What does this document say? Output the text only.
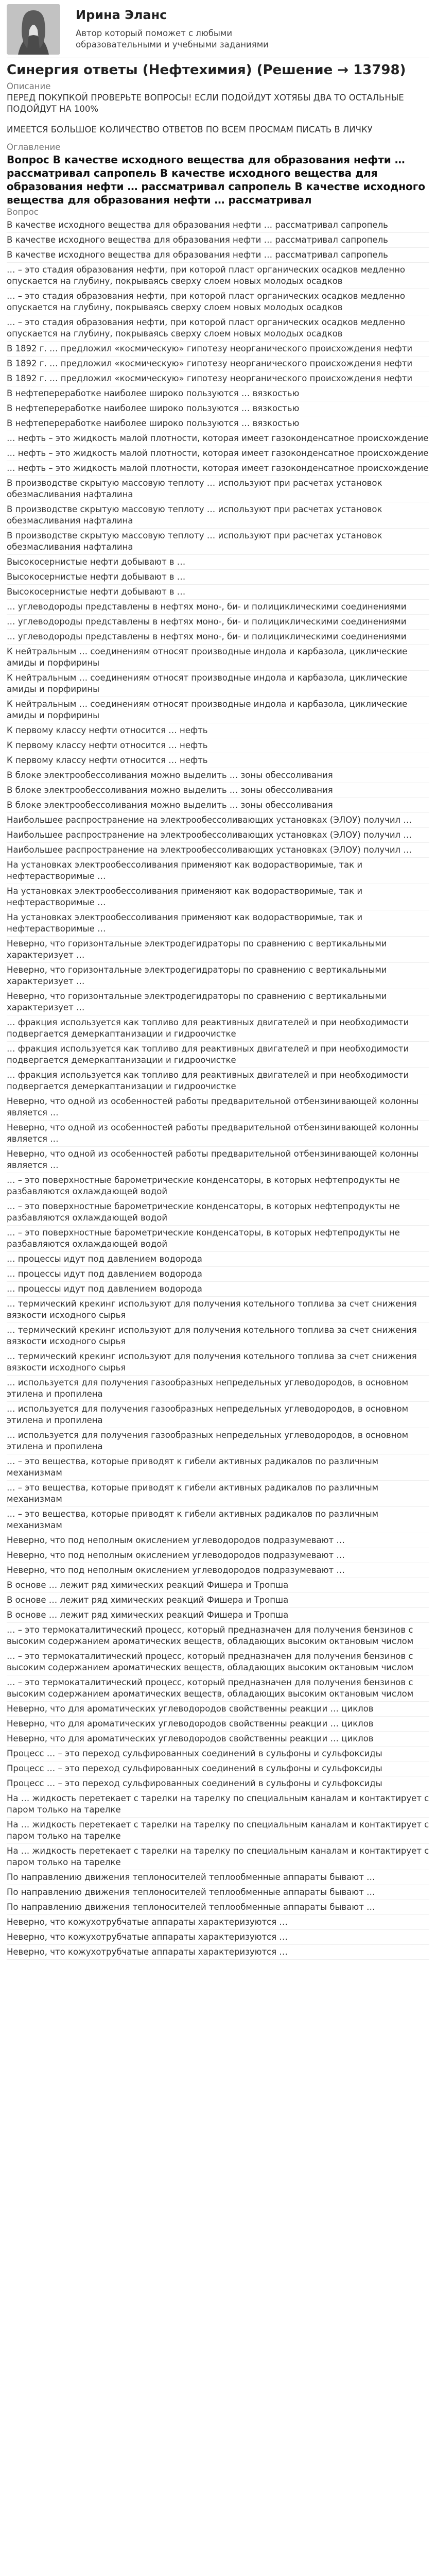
Ирина Эланс
Автор который поможет с любыми образовательными и учебными заданиями
Синергия ответы (Нефтехимия) (Решение → 13798)
Описание

ПЕРЕД ПОКУПКОЙ ПРОВЕРЬТЕ ВОПРОСЫ! ЕСЛИ ПОДОЙДУТ ХОТЯБЫ ДВА ТО ОСТАЛЬНЫЕ ПОДОЙДУТ НА 100%

ИМЕЕТСЯ БОЛЬШОЕ КОЛИЧЕСТВО ОТВЕТОВ ПО ВСЕМ ПРОСМАМ ПИСАТЬ В ЛИЧКУ

Оглавление
Вопрос В качестве исходного вещества для образования нефти … рассматривал сапропель В качестве исходного вещества для образования нефти … рассматривал сапропель В качестве исходного вещества для образования нефти … рассматривал
Вопрос

В качестве исходного вещества для образования нефти … рассматривал сапропель

В качестве исходного вещества для образования нефти … рассматривал сапропель

В качестве исходного вещества для образования нефти … рассматривал сапропель

… – это стадия образования нефти, при которой пласт органических осадков медленно опускается на глубину, покрываясь сверху слоем новых молодых осадков

… – это стадия образования нефти, при которой пласт органических осадков медленно опускается на глубину, покрываясь сверху слоем новых молодых осадков

… – это стадия образования нефти, при которой пласт органических осадков медленно опускается на глубину, покрываясь сверху слоем новых молодых осадков

В 1892 г. … предложил «космическую» гипотезу неорганического происхождения нефти

В 1892 г. … предложил «космическую» гипотезу неорганического происхождения нефти

В 1892 г. … предложил «космическую» гипотезу неорганического происхождения нефти

В нефтепереработке наиболее широко пользуются … вязкостью

В нефтепереработке наиболее широко пользуются … вязкостью

В нефтепереработке наиболее широко пользуются … вязкостью

… нефть – это жидкость малой плотности, которая имеет газоконденсатное происхождение

… нефть – это жидкость малой плотности, которая имеет газоконденсатное происхождение

… нефть – это жидкость малой плотности, которая имеет газоконденсатное происхождение

В производстве скрытую массовую теплоту … используют при расчетах установок обезмасливания нафталина

В производстве скрытую массовую теплоту … используют при расчетах установок обезмасливания нафталина

В производстве скрытую массовую теплоту … используют при расчетах установок обезмасливания нафталина

Высокосернистые нефти добывают в …

Высокосернистые нефти добывают в …

Высокосернистые нефти добывают в …

… углеводороды представлены в нефтях моно-, би- и полициклическими соединениями

… углеводороды представлены в нефтях моно-, би- и полициклическими соединениями

… углеводороды представлены в нефтях моно-, би- и полициклическими соединениями

К нейтральным … соединениям относят производные индола и карбазола, циклические амиды и порфирины

К нейтральным … соединениям относят производные индола и карбазола, циклические амиды и порфирины

К нейтральным … соединениям относят производные индола и карбазола, циклические амиды и порфирины

К первому классу нефти относится … нефть

К первому классу нефти относится … нефть

К первому классу нефти относится … нефть

В блоке электрообессоливания можно выделить … зоны обессоливания

В блоке электрообессоливания можно выделить … зоны обессоливания

В блоке электрообессоливания можно выделить … зоны обессоливания

Наибольшее распространение на электрообессоливающих установках (ЭЛОУ) получил …

Наибольшее распространение на электрообессоливающих установках (ЭЛОУ) получил …

Наибольшее распространение на электрообессоливающих установках (ЭЛОУ) получил …

На установках электрообессоливания применяют как водорастворимые, так и нефтерастворимые …

На установках электрообессоливания применяют как водорастворимые, так и нефтерастворимые …

На установках электрообессоливания применяют как водорастворимые, так и нефтерастворимые …

Неверно, что горизонтальные электродегидраторы по сравнению с вертикальными характеризует …

Неверно, что горизонтальные электродегидраторы по сравнению с вертикальными характеризует …

Неверно, что горизонтальные электродегидраторы по сравнению с вертикальными характеризует …

… фракция используется как топливо для реактивных двигателей и при необходимости подвергается демеркаптанизации и гидроочистке

… фракция используется как топливо для реактивных двигателей и при необходимости подвергается демеркаптанизации и гидроочистке

… фракция используется как топливо для реактивных двигателей и при необходимости подвергается демеркаптанизации и гидроочистке

Неверно, что одной из особенностей работы предварительной отбензинивающей колонны является …

Неверно, что одной из особенностей работы предварительной отбензинивающей колонны является …

Неверно, что одной из особенностей работы предварительной отбензинивающей колонны является …

… – это поверхностные барометрические конденсаторы, в которых нефтепродукты не разбавляются охлаждающей водой

… – это поверхностные барометрические конденсаторы, в которых нефтепродукты не разбавляются охлаждающей водой

… – это поверхностные барометрические конденсаторы, в которых нефтепродукты не разбавляются охлаждающей водой

… процессы идут под давлением водорода

… процессы идут под давлением водорода

… процессы идут под давлением водорода

… термический крекинг используют для получения котельного топлива за счет снижения вязкости исходного сырья

… термический крекинг используют для получения котельного топлива за счет снижения вязкости исходного сырья

… термический крекинг используют для получения котельного топлива за счет снижения вязкости исходного сырья

… используется для получения газообразных непредельных углеводородов, в основном этилена и пропилена

… используется для получения газообразных непредельных углеводородов, в основном этилена и пропилена

… используется для получения газообразных непредельных углеводородов, в основном этилена и пропилена

… – это вещества, которые приводят к гибели активных радикалов по различным механизмам

… – это вещества, которые приводят к гибели активных радикалов по различным механизмам

… – это вещества, которые приводят к гибели активных радикалов по различным механизмам

Неверно, что под неполным окислением углеводородов подразумевают …

Неверно, что под неполным окислением углеводородов подразумевают …

Неверно, что под неполным окислением углеводородов подразумевают …

В основе … лежит ряд химических реакций Фишера и Тропша

В основе … лежит ряд химических реакций Фишера и Тропша

В основе … лежит ряд химических реакций Фишера и Тропша

… – это термокаталитический процесс, который предназначен для получения бензинов с высоким содержанием ароматических веществ, обладающих высоким октановым числом

… – это термокаталитический процесс, который предназначен для получения бензинов с высоким содержанием ароматических веществ, обладающих высоким октановым числом

… – это термокаталитический процесс, который предназначен для получения бензинов с высоким содержанием ароматических веществ, обладающих высоким октановым числом

Неверно, что для ароматических углеводородов свойственны реакции … циклов

Неверно, что для ароматических углеводородов свойственны реакции … циклов

Неверно, что для ароматических углеводородов свойственны реакции … циклов

Процесс … – это переход сульфированных соединений в сульфоны и сульфоксиды

Процесс … – это переход сульфированных соединений в сульфоны и сульфоксиды

Процесс … – это переход сульфированных соединений в сульфоны и сульфоксиды

На … жидкость перетекает с тарелки на тарелку по специальным каналам и контактирует с паром только на тарелке

На … жидкость перетекает с тарелки на тарелку по специальным каналам и контактирует с паром только на тарелке

На … жидкость перетекает с тарелки на тарелку по специальным каналам и контактирует с паром только на тарелке

По направлению движения теплоносителей теплообменные аппараты бывают …

По направлению движения теплоносителей теплообменные аппараты бывают …

По направлению движения теплоносителей теплообменные аппараты бывают …

Неверно, что кожухотрубчатые аппараты характеризуются …

Неверно, что кожухотрубчатые аппараты характеризуются …

Неверно, что кожухотрубчатые аппараты характеризуются …
